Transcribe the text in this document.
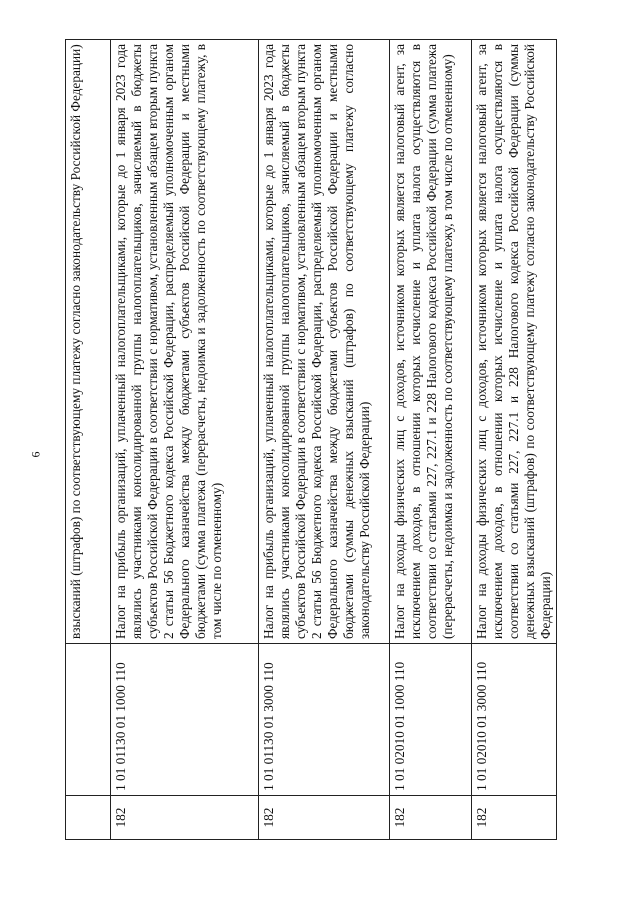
6
		взысканий (штрафов) по соответствующему платежу согласно законодательству Российской Федерации)
182	1 01 01130 01 1000 110	Налог на прибыль организаций, уплаченный налогоплательщиками, которые до 1 января 2023 года являлись участниками консолидированной группы налогоплательщиков, зачисляемый в бюджеты субъектов Российской Федерации в соответствии с нормативом, установленным абзацем вторым пункта 2 статьи 56 Бюджетного кодекса Российской Федерации, распределяемый уполномоченным органом Федерального казначейства между бюджетами субъектов Российской Федерации и местными бюджетами (сумма платежа (перерасчеты, недоимка и задолженность по соответствующему платежу, в том числе по отмененному)
182	1 01 01130 01 3000 110	Налог на прибыль организаций, уплаченный налогоплательщиками, которые до 1 января 2023 года являлись участниками консолидированной группы налогоплательщиков, зачисляемый в бюджеты субъектов Российской Федерации в соответствии с нормативом, установленным абзацем вторым пункта 2 статьи 56 Бюджетного кодекса Российской Федерации, распределяемый уполномоченным органом Федерального казначейства между бюджетами субъектов Российской Федерации и местными бюджетами (суммы денежных взысканий (штрафов) по соответствующему платежу согласно законодательству Российской Федерации)
182	1 01 02010 01 1000 110	Налог на доходы физических лиц с доходов, источником которых является налоговый агент, за исключением доходов, в отношении которых исчисление и уплата налога осуществляются в соответствии со статьями 227, 227.1 и 228 Налогового кодекса Российской Федерации (сумма платежа (перерасчеты, недоимка и задолженность по соответствующему платежу, в том числе по отмененному)
182	1 01 02010 01 3000 110	Налог на доходы физических лиц с доходов, источником которых является налоговый агент, за исключением доходов, в отношении которых исчисление и уплата налога осуществляются в соответствии со статьями 227, 227.1 и 228 Налогового кодекса Российской Федерации (суммы денежных взысканий (штрафов) по соответствующему платежу согласно законодательству Российской Федерации)
